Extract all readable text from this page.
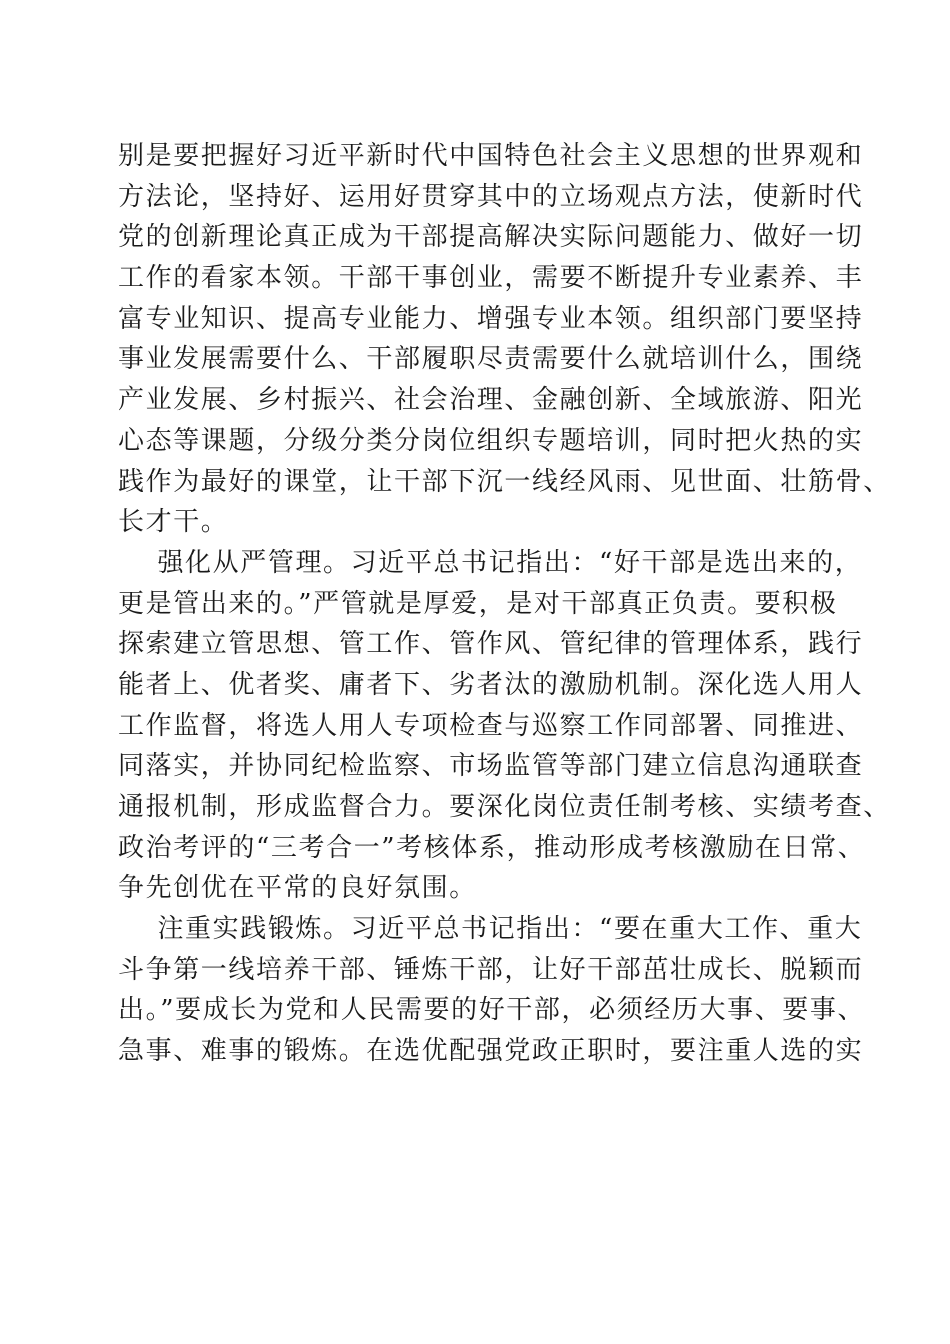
别是要把握好习近平新时代中国特色社会主义思想的世界观和
方法论，坚持好、运用好贯穿其中的立场观点方法，使新时代
党的创新理论真正成为干部提高解决实际问题能力、做好一切
工作的看家本领。干部干事创业，需要不断提升专业素养、丰
富专业知识、提高专业能力、增强专业本领。组织部门要坚持
事业发展需要什么、干部履职尽责需要什么就培训什么，围绕
产业发展、乡村振兴、社会治理、金融创新、全域旅游、阳光
心态等课题，分级分类分岗位组织专题培训，同时把火热的实
践作为最好的课堂，让干部下沉一线经风雨、见世面、壮筋骨、
长才干。
强化从严管理。习近平总书记指出：“好干部是选出来的，
更是管出来的。”严管就是厚爱，是对干部真正负责。要积极
探索建立管思想、管工作、管作风、管纪律的管理体系，践行
能者上、优者奖、庸者下、劣者汰的激励机制。深化选人用人
工作监督，将选人用人专项检查与巡察工作同部署、同推进、
同落实，并协同纪检监察、市场监管等部门建立信息沟通联查
通报机制，形成监督合力。要深化岗位责任制考核、实绩考查、
政治考评的“三考合一”考核体系，推动形成考核激励在日常、
争先创优在平常的良好氛围。
注重实践锻炼。习近平总书记指出：“要在重大工作、重大
斗争第一线培养干部、锤炼干部，让好干部茁壮成长、脱颖而
出。”要成长为党和人民需要的好干部，必须经历大事、要事、
急事、难事的锻炼。在选优配强党政正职时，要注重人选的实
